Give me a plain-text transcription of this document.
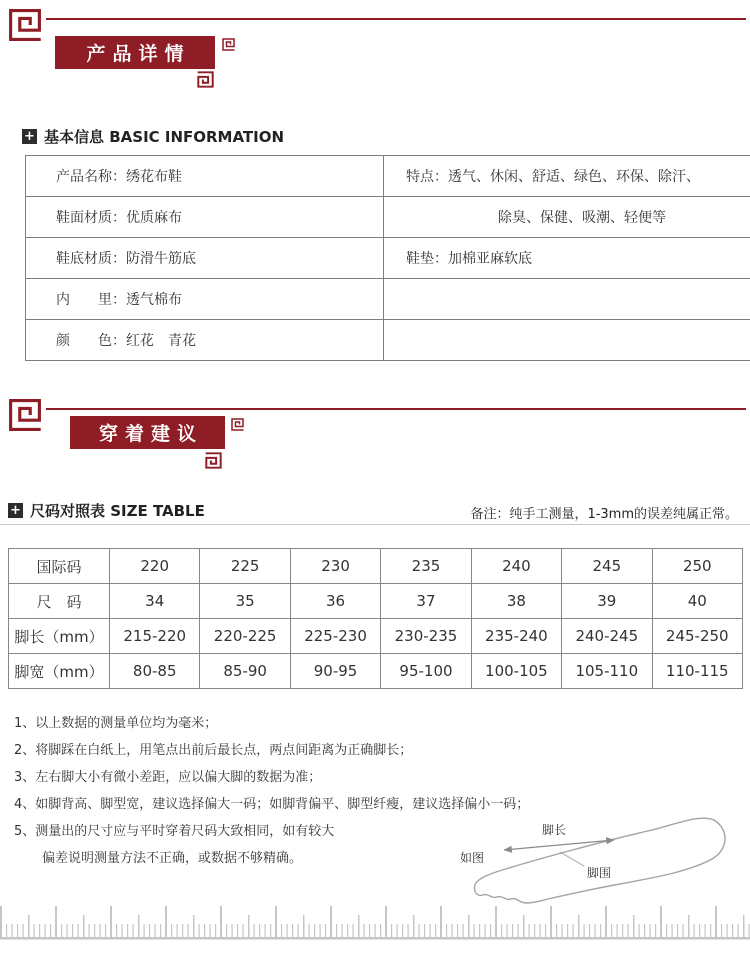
产品详情
+ 基本信息 BASIC INFORMATION
产品名称：绣花布鞋	特点：透气、休闲、舒适、绿色、环保、除汗、
鞋面材质：优质麻布	除臭、保健、吸潮、轻便等
鞋底材质：防滑牛筋底	鞋垫：加棉亚麻软底
内　　里：透气棉布	
颜　　色：红花　青花	
穿着建议
+ 尺码对照表 SIZE TABLE	备注：纯手工测量，1-3mm的误差纯属正常。
国际码	220	225	230	235	240	245	250
尺　码	34	35	36	37	38	39	40
脚长（mm）	215-220	220-225	225-230	230-235	235-240	240-245	245-250
脚宽（mm）	80-85	85-90	90-95	95-100	100-105	105-110	110-115
1、以上数据的测量单位均为毫米；
2、将脚踩在白纸上，用笔点出前后最长点，两点间距离为正确脚长；
3、左右脚大小有微小差距，应以偏大脚的数据为准；
4、如脚背高、脚型宽，建议选择偏大一码；如脚背偏平、脚型纤瘦，建议选择偏小一码；
5、测量出的尺寸应与平时穿着尺码大致相同，如有较大
偏差说明测量方法不正确，或数据不够精确。
脚长
如图
脚围
